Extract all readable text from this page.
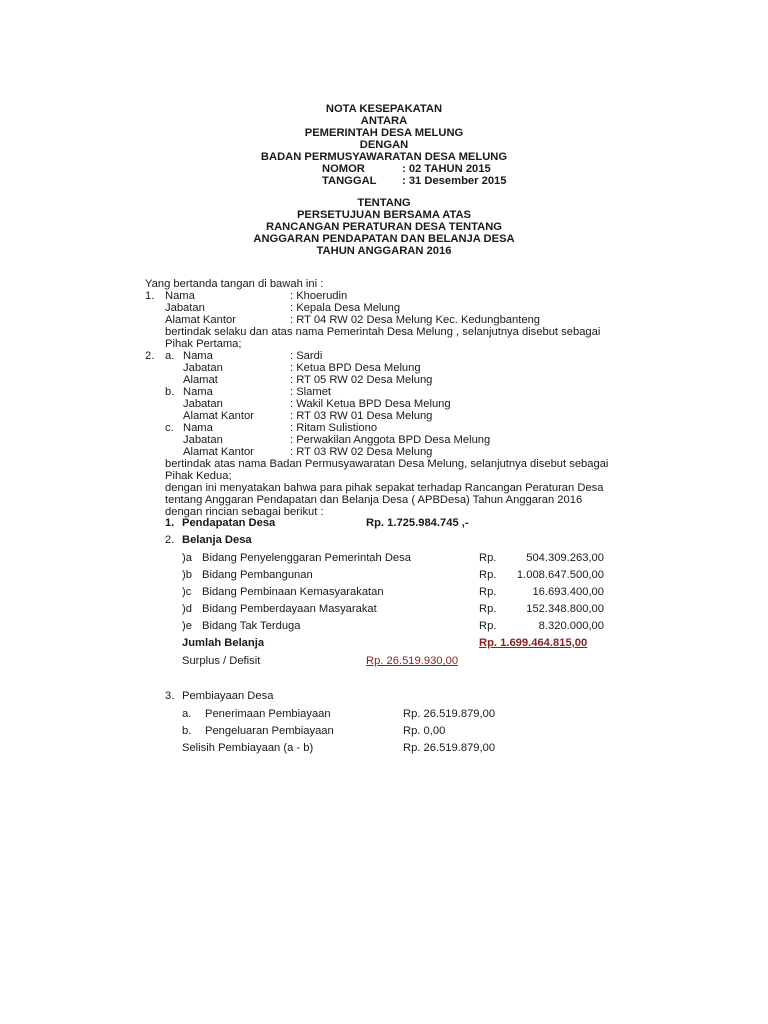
NOTA KESEPAKATAN
ANTARA
PEMERINTAH DESA MELUNG
DENGAN
BADAN PERMUSYAWARATAN DESA MELUNG
NOMOR	: 02 TAHUN 2015
TANGGAL : 31 Desember 2015
TENTANG
PERSETUJUAN BERSAMA ATAS
RANCANGAN PERATURAN DESA TENTANG
ANGGARAN PENDAPATAN DAN BELANJA DESA
TAHUN ANGGARAN 2016
Yang bertanda tangan di bawah ini :
1. Nama	: Khoerudin
Jabatan	: Kepala Desa Melung
Alamat Kantor	: RT 04 RW 02 Desa Melung Kec. Kedungbanteng
bertindak selaku dan atas nama Pemerintah Desa Melung , selanjutnya disebut sebagai
Pihak Pertama;
2. a. Nama	: Sardi
Jabatan	: Ketua BPD Desa Melung
Alamat	: RT 05 RW 02 Desa Melung
b. Nama	: Slamet
Jabatan	: Wakil Ketua BPD Desa Melung
Alamat Kantor	: RT 03 RW 01 Desa Melung
c. Nama	: Ritam Sulistiono
Jabatan	: Perwakilan Anggota BPD Desa Melung
Alamat Kantor	: RT 03 RW 02 Desa Melung
bertindak atas nama Badan Permusyawaratan Desa Melung, selanjutnya disebut sebagai
Pihak Kedua;
dengan ini menyatakan bahwa para pihak sepakat terhadap Rancangan Peraturan Desa
tentang Anggaran Pendapatan dan Belanja Desa ( APBDesa) Tahun Anggaran 2016
dengan rincian sebagai berikut :
1. Pendapatan Desa	Rp. 1.725.984.745 ,-
2. Belanja Desa
)a Bidang Penyelenggaran Pemerintah Desa	Rp.	504.309.263,00
)b Bidang Pembangunan	Rp.	1.008.647.500,00
)c Bidang Pembinaan Kemasyarakatan	Rp.	16.693.400,00
)d Bidang Pemberdayaan Masyarakat	Rp.	152.348.800,00
)e Bidang Tak Terduga	Rp.	8.320.000,00
Jumlah Belanja	Rp. 1.699.464.815,00
Surplus / Defisit	Rp. 26.519.930,00
3. Pembiayaan Desa
a. Penerimaan Pembiayaan	Rp. 26.519.879,00
b. Pengeluaran Pembiayaan	Rp. 0,00
Selisih Pembiayaan (a - b)	Rp. 26.519.879,00
